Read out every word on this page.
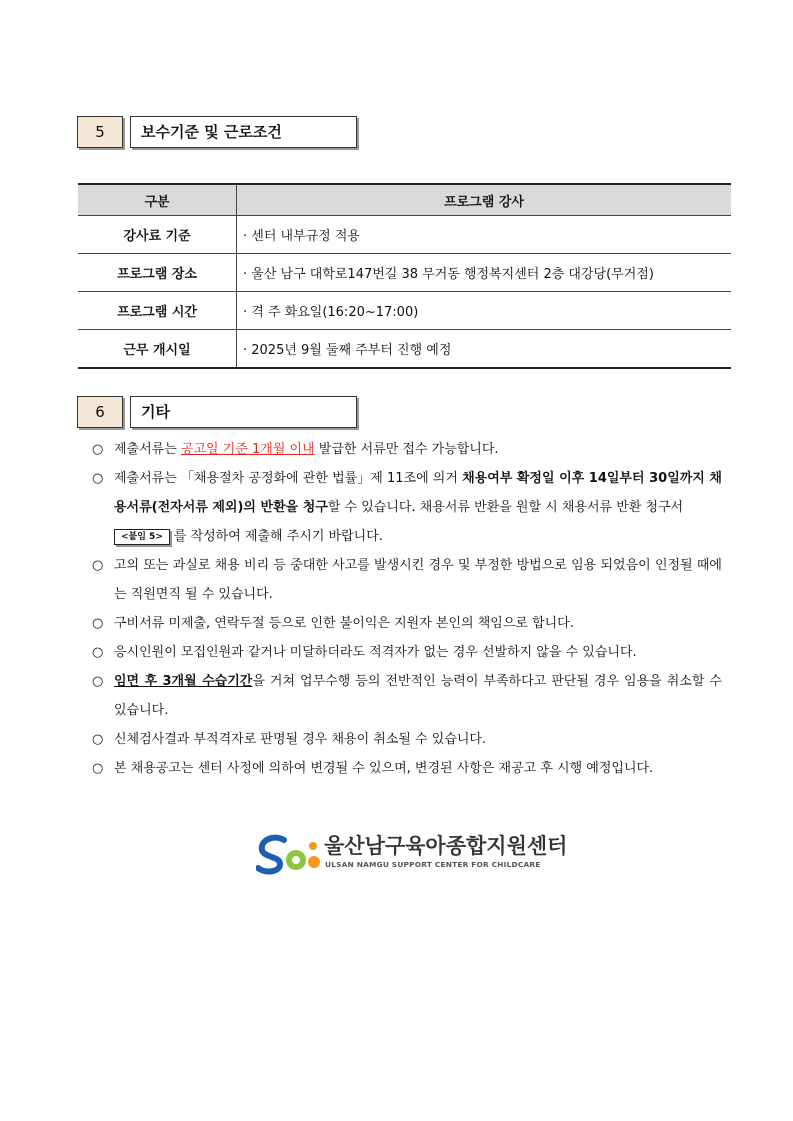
5	보수기준 및 근로조건
구분	프로그램 강사
강사료 기준	· 센터 내부규정 적용
프로그램 장소	· 울산 남구 대학로147번길 38 무거동 행정복지센터 2층 대강당(무거점)
프로그램 시간	· 격 주 화요일(16:20~17:00)
근무 개시일	· 2025년 9월 둘째 주부터 진행 예정
6	기타
○ 제출서류는 공고일 기준 1개월 이내 발급한 서류만 접수 가능합니다.
○ 제출서류는 「채용절차 공정화에 관한 법률」제 11조에 의거 채용여부 확정일 이후 14일부터 30일까지 채용서류(전자서류 제외)의 반환을 청구할 수 있습니다. 채용서류 반환을 원할 시 채용서류 반환 청구서
<붙임 5> 를 작성하여 제출해 주시기 바랍니다.
○ 고의 또는 과실로 채용 비리 등 중대한 사고를 발생시킨 경우 및 부정한 방법으로 임용 되었음이 인정될 때에는 직원면직 될 수 있습니다.
○ 구비서류 미제출, 연락두절 등으로 인한 불이익은 지원자 본인의 책임으로 합니다.
○ 응시인원이 모집인원과 같거나 미달하더라도 적격자가 없는 경우 선발하지 않을 수 있습니다.
○ 임면 후 3개월 수습기간을 거쳐 업무수행 등의 전반적인 능력이 부족하다고 판단될 경우 임용을 취소할 수 있습니다.
○ 신체검사결과 부적격자로 판명될 경우 채용이 취소될 수 있습니다.
○ 본 채용공고는 센터 사정에 의하여 변경될 수 있으며, 변경된 사항은 재공고 후 시행 예정입니다.
울산남구육아종합지원센터
ULSAN NAMGU SUPPORT CENTER FOR CHILDCARE
